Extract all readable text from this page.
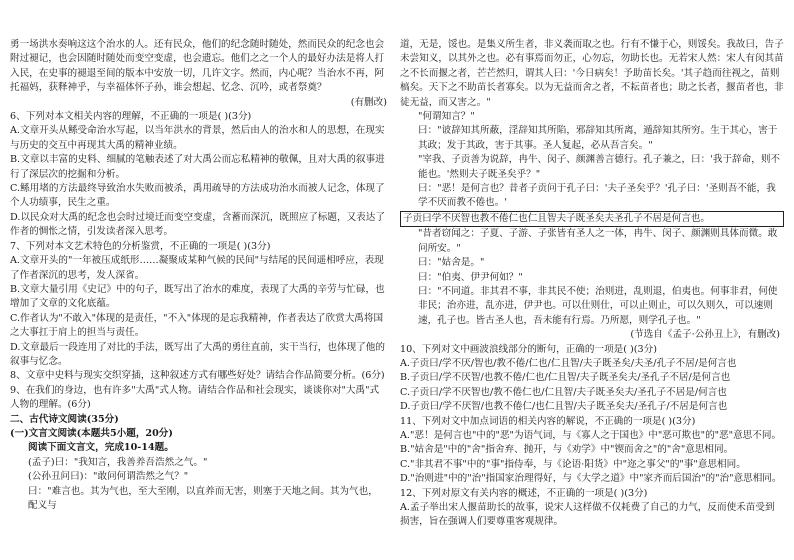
勇一场洪水奏响这这个治水的人。还有民众，他们的纪念随时随处，然而民众的纪念也会附过褪记，也会因随时随处而变空变虚，也会遗忘。他们之之一个人的最好办法是将人打入民，在史事的褪退至间的版本中安放一切，几许文字。然而，内心呢？当治水不再，阿托福妈，获释神乎，与幸福体怀子孙，谁会想起、忆念、沉吟，或者祭奠？

(有删改)

6、下列对本文相关内容的理解，不正确的一项是( )(3分)

A.文章开头从鲧受命治水写起，以当年洪水的背景，然后由人的治水和人的思想，在现实与历史的交互中再现其大禹的精神业绩。

B.文章以丰富的史料、细腻的笔触表述了对大禹公而忘私精神的敬佩，且对大禹的叙事进行了深层次的挖掘和分析。

C.鲧用堵的方法最终导致治水失败而被杀，禹用疏导的方法成功治水而被人记念，体现了个人功绩事，民生之重。

D.以民众对大禹的纪念也会时过境迁而变空变虚，含蓄而深沉，既照应了标题，又表达了作者的惆怅之情，引发读者深入思考。

7、下列对本文艺术特色的分析鉴赏，不正确的一项是( )(3分)

A.文章开头的"一年被压成纸形……凝聚成某种气候的民间"与结尾的民间遥相呼应，表现了作者深沉的思考，发人深省。

B.文章大量引用《史记》中的句子，既写出了治水的难度，表现了大禹的辛劳与忙碌，也增加了文章的文化底蕴。

C.作者认为"不敢入"体现的是责任，"不入"体现的是忘我精神，作者表达了欣赏大禹将国之大事扛于肩上的担当与责任。

D.文章最后一段连用了对比的手法，既写出了大禹的勇往直前，实干当行，也体现了他的叙事与忆念。

8、文章中史料与现实交织穿插，这种叙述方式有哪些好处？请结合作品简要分析。(6分)

9、在我们的身边，也有许多"大禹"式人物。请结合作品和社会现实，谈谈你对"大禹"式人物的理解。(6分)

二、古代诗文阅读(35分)

(一)文言文阅读(本题共5小题，20分)

阅读下面文言文，完成10-14题。

(孟子)曰："我知言，我善养吾浩然之气。"

(公孙丑问曰)："敢问何谓浩然之气？"

曰："难言也。其为气也，至大至刚，以直养而无害，则塞于天地之间。其为气也，配义与

道，无是，馁也。是集义所生者，非义袭而取之也。行有不慊于心，则馁矣。我故曰，告子未尝知义，以其外之也。必有事焉而勿正，心勿忘，勿助长也。无若宋人然：宋人有闵其苗之不长而揠之者，芒芒然归，谓其人曰：'今日病矣！予助苗长矣。'其子趋而往视之，苗则槁矣。天下之不助苗长者寡矣。以为无益而舍之者，不耘苗者也；助之长者，揠苗者也，非徒无益，而又害之。"

"何谓知言？"

曰："诐辞知其所蔽，淫辞知其所陷，邪辞知其所离，遁辞知其所穷。生于其心，害于其政；发于其政，害于其事。圣人复起，必从吾言矣。"

"宰我、子贡善为说辞，冉牛、闵子、颜渊善言德行。孔子兼之，曰：'我于辞命，则不能也。'然则夫子既圣矣乎？"

曰："恶！是何言也？昔者子贡问于孔子曰：'夫子圣矣乎？'孔子曰：'圣则吾不能，我学不厌而教不倦也。'

子贡曰学不厌智也教不倦仁也仁且智夫子既圣矣夫圣孔子不居是何言也。

"昔者窃闻之：子夏、子游、子张皆有圣人之一体，冉牛、闵子、颜渊则具体而微。敢问所安。"

曰："姑舍是。"

曰："伯夷、伊尹何如？"

曰："不同道。非其君不事，非其民不使；治则进，乱则退，伯夷也。何事非君，何使非民；治亦进，乱亦进，伊尹也。可以仕则仕，可以止则止，可以久则久，可以速则速，孔子也。皆古圣人也，吾未能有行焉。乃所愿，则学孔子也。"

(节选自《孟子·公孙丑上》，有删改)

10、下列对文中画波浪线部分的断句，正确的一项是( )(3分)

A.子贡曰/学不厌/智也/教不倦/仁也/仁且智/夫子既圣矣/夫圣/孔子不居/是何言也

B.子贡曰/学不厌智/也教不倦/仁也/仁且智/夫子既圣矣夫/圣孔子不居/是何言也

C.子贡曰/学不厌智也/教不倦仁也/仁且智/夫子既圣矣夫/圣孔子不居是/何言也

D.子贡曰/学不厌智/也教不倦仁/也仁且智/夫子既圣矣夫/圣孔子/不居是何言也

11、下列对文中加点词语的相关内容的解说，不正确的一项是( )(3分)

A."恶！是何言也"中的"恶"为语气词，与《寡人之于国也》中"恶可欺也"的"恶"意思不同。

B."姑舍是"中的"舍"指舍弃、抛开，与《劝学》中"锲而舍之"的"舍"意思相同。

C."非其君不事"中的"事"指侍奉，与《论语·阳货》中"迩之事父"的"事"意思相同。

D."治则进"中的"治"指国家治理得好，与《大学之道》中"家齐而后国治"的"治"意思相同。

12、下列对原文有关内容的概述，不正确的一项是( )(3分)

A.孟子举出宋人揠苗助长的故事，说宋人这样做不仅耗费了自己的力气，反而使禾苗受到损害，旨在强调人们要尊重客观规律。
